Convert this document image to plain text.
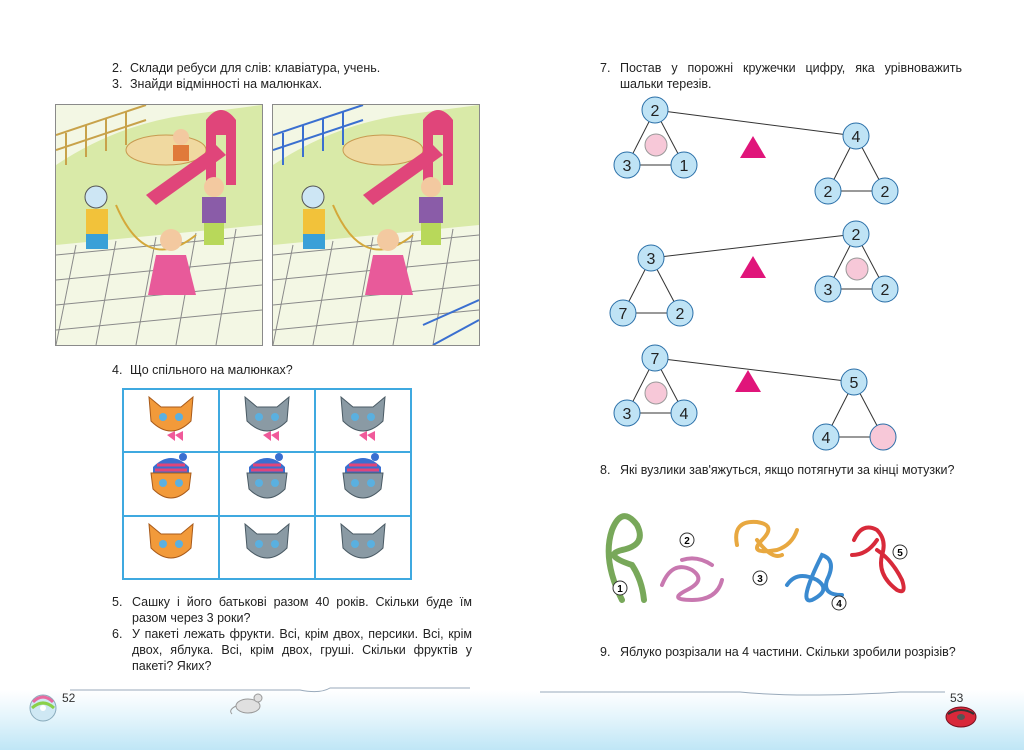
2. Склади ребуси для слів: клавіатура, учень.
3. Знайди відмінності на малюнках.
4. Що спільного на малюнках?
5. Сашку і його батькові разом 40 років. Скільки буде їм разом через 3 роки?
6. У пакеті лежать фрукти. Всі, крім двох, персики. Всі, крім двох, яблука. Всі, крім двох, груші. Скільки фруктів у пакеті? Яких?
7. Постав у порожні кружечки цифру, яка урівноважить шальки терезів.
2
3	1
4
2	2
3
7	2
2
3	2
7
3	4
5
4
8. Які вузлики зав'яжуться, якщо потягнути за кінці мотузки?
1
2
3
4
5
9. Яблуко розрізали на 4 частини. Скільки зробили розрізів?
52	53
